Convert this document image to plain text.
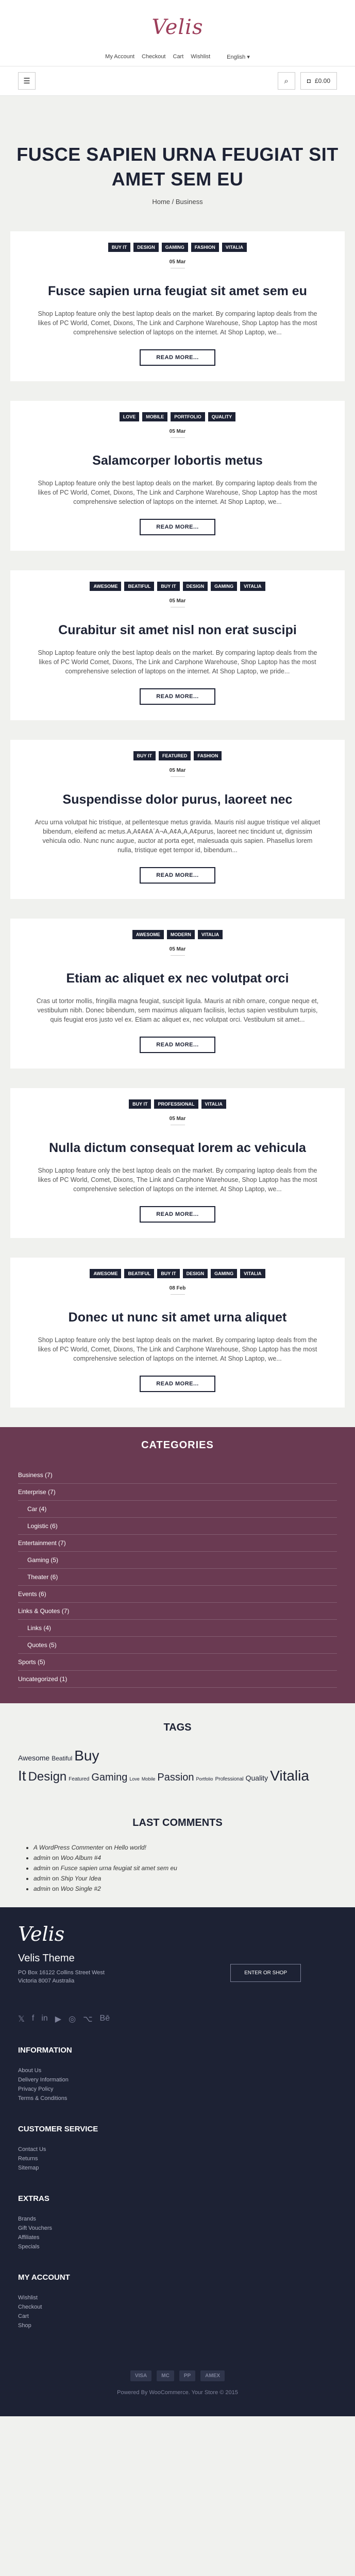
Velis
My Account Checkout Cart Wishlist	English ▾
☰	⌕	◘ £0.00
FUSCE SAPIEN URNA FEUGIAT SIT AMET SEM EU
Home / Business
BUY IT	DESIGN	GAMING	FASHION	VITALIA
05 Mar
Fusce sapien urna feugiat sit amet sem eu

Shop Laptop feature only the best laptop deals on the market. By comparing laptop deals from the likes of PC World, Comet, Dixons, The Link and Carphone Warehouse, Shop Laptop has the most comprehensive selection of laptops on the internet. At Shop Laptop, we...

READ MORE...
LOVE	MOBILE	PORTFOLIO	QUALITY
05 Mar
Salamcorper lobortis metus

Shop Laptop feature only the best laptop deals on the market. By comparing laptop deals from the likes of PC World, Comet, Dixons, The Link and Carphone Warehouse, Shop Laptop has the most comprehensive selection of laptops on the internet. At Shop Laptop, we...

READ MORE...
AWESOME	BEATIFUL	BUY IT	DESIGN	GAMING	VITALIA
05 Mar
Curabitur sit amet nisl non erat suscipi

Shop Laptop feature only the best laptop deals on the market. By comparing laptop deals from the likes of PC World Comet, Dixons, The Link and Carphone Warehouse, Shop Laptop has the most comprehensive selection of laptops on the internet. At Shop Laptop, we pride...

READ MORE...
BUY IT	FEATURED	FASHION
05 Mar
Suspendisse dolor purus, laoreet nec

Arcu urna volutpat hic tristique, at pellentesque metus gravida. Mauris nisl augue tristique vel aliquet bibendum, eleifend ac metus.A,A¢A¢A´A¬A,A¢A,A,A¢purus, laoreet nec tincidunt ut, dignissim vehicula odio. Nunc nunc augue, auctor at porta eget, malesuada quis sapien. Phasellus lorem nulla, tristique eget tempor id, bibendum...

READ MORE...
AWESOME	MODERN	VITALIA
05 Mar
Etiam ac aliquet ex nec volutpat orci

Cras ut tortor mollis, fringilla magna feugiat, suscipit ligula. Mauris at nibh ornare, congue neque et, vestibulum nibh. Donec bibendum, sem maximus aliquam facilisis, lectus sapien vestibulum turpis, quis feugiat eros justo vel ex. Etiam ac aliquet ex, nec volutpat orci. Vestibulum sit amet...

READ MORE...
BUY IT	PROFESSIONAL	VITALIA
05 Mar
Nulla dictum consequat lorem ac vehicula

Shop Laptop feature only the best laptop deals on the market. By comparing laptop deals from the likes of PC World, Comet, Dixons, The Link and Carphone Warehouse, Shop Laptop has the most comprehensive selection of laptops on the internet. At Shop Laptop, we...

READ MORE...
AWESOME	BEATIFUL	BUY IT	DESIGN	GAMING	VITALIA
08 Feb
Donec ut nunc sit amet urna aliquet

Shop Laptop feature only the best laptop deals on the market. By comparing laptop deals from the likes of PC World, Comet, Dixons, The Link and Carphone Warehouse, Shop Laptop has the most comprehensive selection of laptops on the internet. At Shop Laptop, we...

READ MORE...
CATEGORIES
Business (7)
Enterprise (7)
Car (4)
Logistic (6)
Entertainment (7)
Gaming (5)
Theater (6)
Events (6)
Links & Quotes (7)
Links (4)
Quotes (5)
Sports (5)
Uncategorized (1)
TAGS
Awesome Beatiful Buy It Design Featured Gaming Love Mobile Passion Portfolio Professional Quality Vitalia
LAST COMMENTS
• A WordPress Commenter on Hello world!
• admin on Woo Album #4
• admin on Fusce sapien urna feugiat sit amet sem eu
• admin on Ship Your Idea
• admin on Woo Single #2
Velis
Velis Theme
PO Box 16122 Collins Street West
Victoria 8007 Australia
ENTER OR SHOP
𝕏 f in ▶ ◎ ⌥ Bē
INFORMATION
About Us
Delivery Information
Privacy Policy
Terms & Conditions
CUSTOMER SERVICE
Contact Us
Returns
Sitemap
EXTRAS
Brands
Gift Vouchers
Affiliates
Specials
MY ACCOUNT
Wishlist
Checkout
Cart
Shop
VISA	MC	PP	AMEX
Powered By WooCommerce. Your Store © 2015
